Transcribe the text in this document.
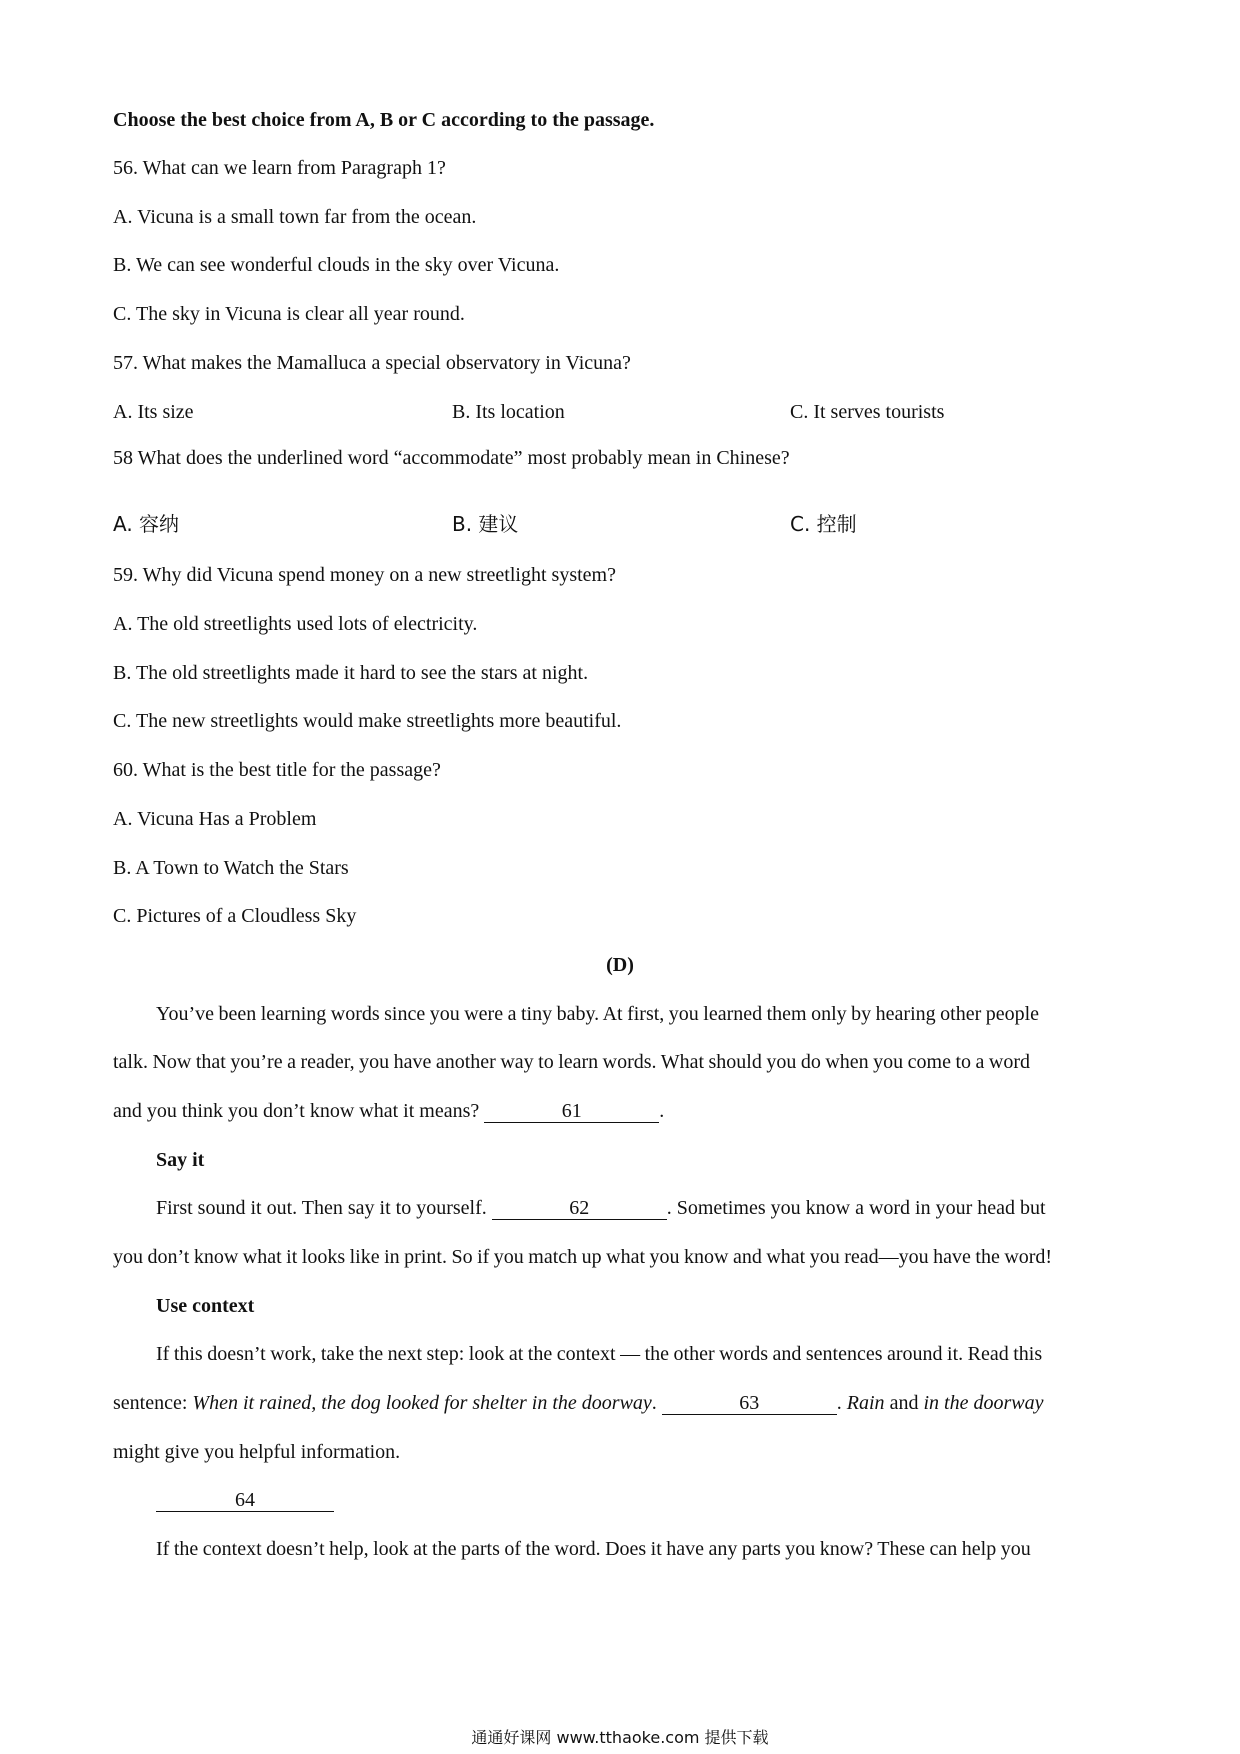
Choose the best choice from A, B or C according to the passage.
56. What can we learn from Paragraph 1?
A. Vicuna is a small town far from the ocean.
B. We can see wonderful clouds in the sky over Vicuna.
C. The sky in Vicuna is clear all year round.
57. What makes the Mamalluca a special observatory in Vicuna?
A. Its size	B. Its location	C. It serves tourists
58 What does the underlined word “accommodate” most probably mean in Chinese?
A. 容纳	B. 建议	C. 控制
59. Why did Vicuna spend money on a new streetlight system?
A. The old streetlights used lots of electricity.
B. The old streetlights made it hard to see the stars at night.
C. The new streetlights would make streetlights more beautiful.
60. What is the best title for the passage?
A. Vicuna Has a Problem
B. A Town to Watch the Stars
C. Pictures of a Cloudless Sky
(D)
You’ve been learning words since you were a tiny baby. At first, you learned them only by hearing other people
talk. Now that you’re a reader, you have another way to learn words. What should you do when you come to a word
and you think you don’t know what it means?	61	.
Say it
First sound it out. Then say it to yourself.	62	. Sometimes you know a word in your head but
you don’t know what it looks like in print. So if you match up what you know and what you read—you have the word!
Use context
If this doesn’t work, take the next step: look at the context — the other words and sentences around it. Read this
sentence: When it rained, the dog looked for shelter in the doorway.	63	. Rain and in the doorway
might give you helpful information.
64
If the context doesn’t help, look at the parts of the word. Does it have any parts you know? These can help you
通通好课网 www.tthaoke.com 提供下载
